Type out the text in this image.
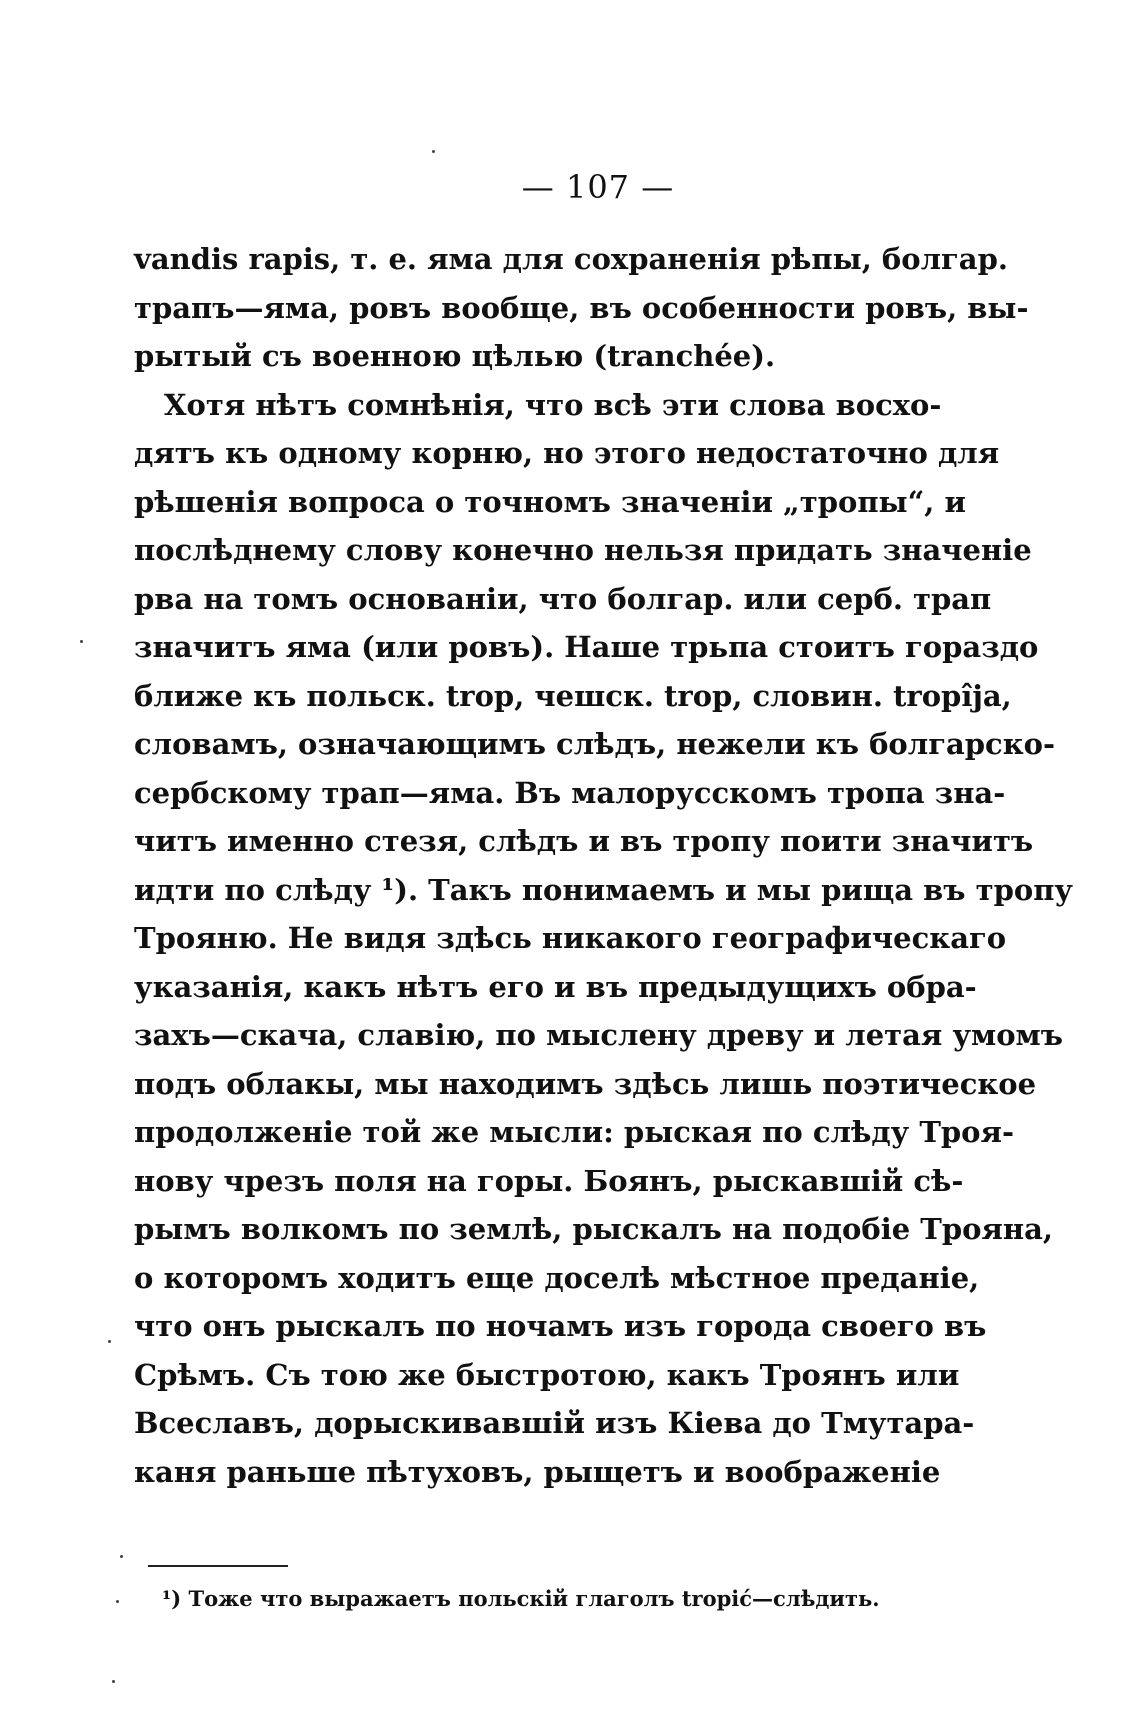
— 107 —
vandis rapis, т. е. яма для сохраненія рѣпы, болгар.
трапъ—яма, ровъ вообще, въ особенности ровъ, вы-
рытый съ военною цѣлью (tranchée).
Хотя нѣтъ сомнѣнія, что всѣ эти слова восхо-
дятъ къ одному корню, но этого недостаточно для
рѣшенія вопроса о точномъ значеніи „тропы“, и
послѣднему слову конечно нельзя придать значеніе
рва на томъ основаніи, что болгар. или серб. трап
значитъ яма (или ровъ). Наше трьпа стоитъ гораздо
ближе къ польск. trop, чешск. trop, словин. tropîja,
словамъ, означающимъ слѣдъ, нежели къ болгарско-
сербскому трап—яма. Въ малорусскомъ тропа зна-
читъ именно стезя, слѣдъ и въ тропу поити значитъ
идти по слѣду ¹). Такъ понимаемъ и мы рища въ тропу
Трояню. Не видя здѣсь никакого географическаго
указанія, какъ нѣтъ его и въ предыдущихъ обра-
захъ—скача, славію, по мыслену древу и летая умомъ
подъ облакы, мы находимъ здѣсь лишь поэтическое
продолженіе той же мысли: рыская по слѣду Троя-
нову чрезъ поля на горы. Боянъ, рыскавшій сѣ-
рымъ волкомъ по землѣ, рыскалъ на подобіе Трояна,
о которомъ ходитъ еще доселѣ мѣстное преданіе,
что онъ рыскалъ по ночамъ изъ города своего въ
Срѣмъ. Съ тою же быстротою, какъ Троянъ или
Всеславъ, дорыскивавшій изъ Кіева до Тмутара-
каня раньше пѣтуховъ, рыщетъ и воображеніе
¹) Тоже что выражаетъ польскій глаголъ tropić—слѣдить.
